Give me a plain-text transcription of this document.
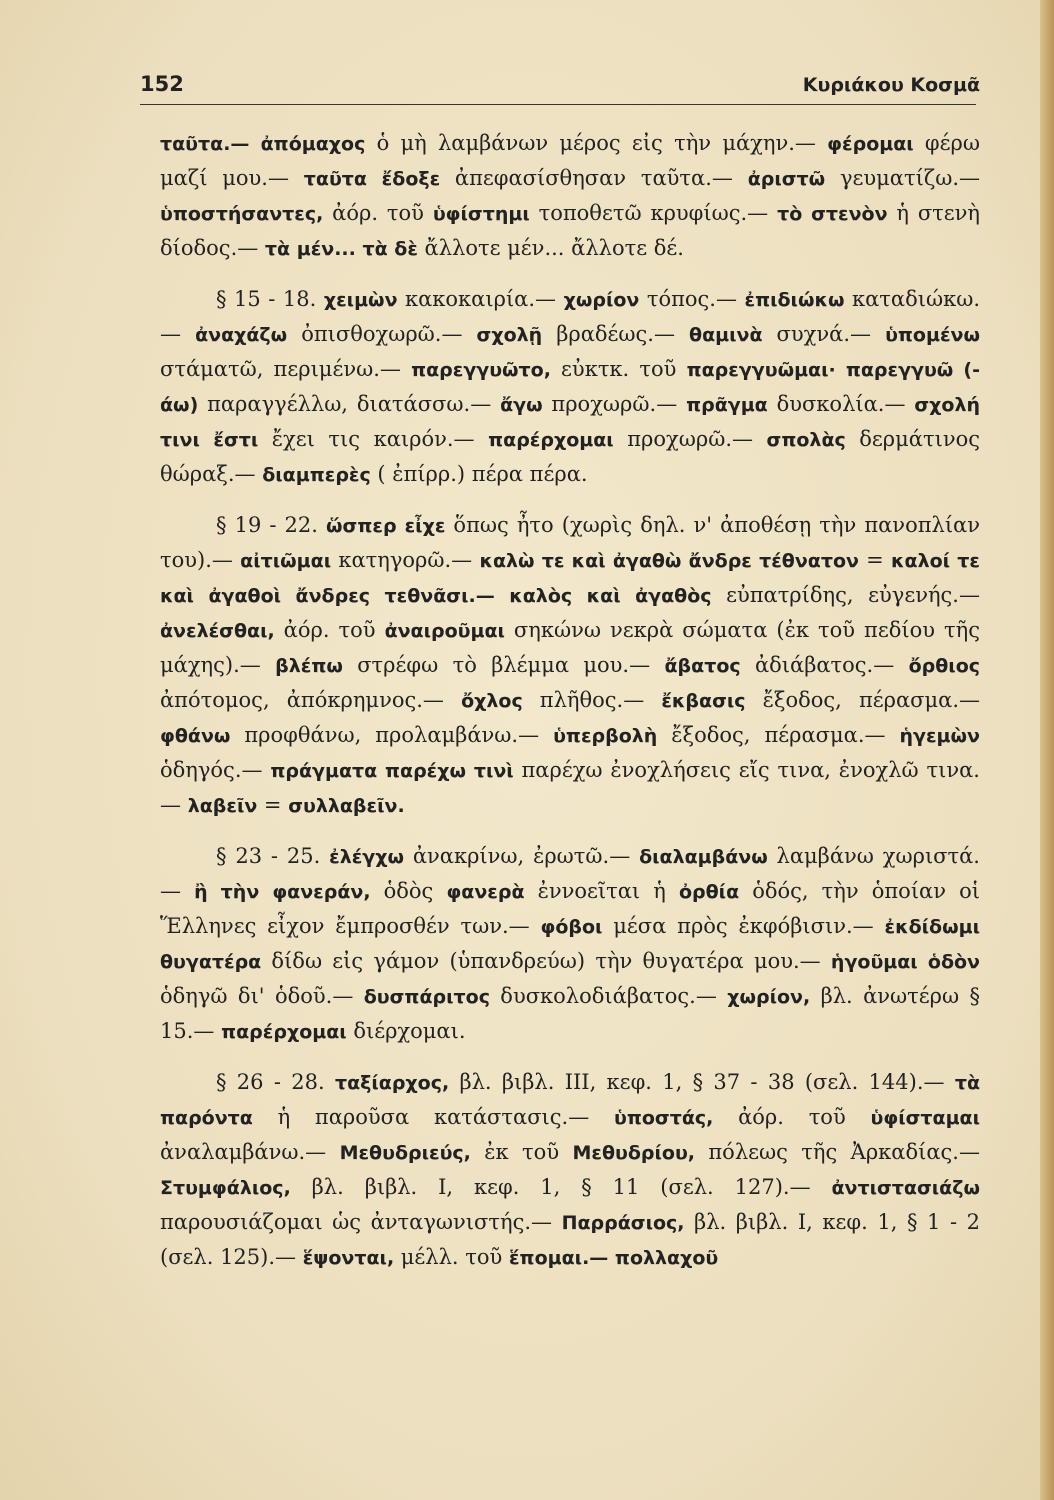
152	Κυριάκου Κοσμᾶ

ταῦτα.— ἀπόμαχος ὁ μὴ λαμβάνων μέρος εἰς τὴν μάχην.— φέρομαι φέρω μαζί μου.— ταῦτα ἔδοξε ἀπεφασίσθησαν ταῦτα.— ἀριστῶ γευματίζω.— ὑποστήσαντες, ἀόρ. τοῦ ὑφίστημι τοποθετῶ κρυφίως.— τὸ στενὸν ἡ στενὴ δίοδος.— τὰ μέν... τὰ δὲ ἄλλοτε μέν... ἄλλοτε δέ.

§ 15 - 18. χειμὼν κακοκαιρία.— χωρίον τόπος.— ἐπιδιώκω καταδιώκω.— ἀναχάζω ὀπισθοχωρῶ.— σχολῇ βραδέως.— θαμινὰ συχνά.— ὑπομένω στάματῶ, περιμένω.— παρεγγυῶτο, εὐκτκ. τοῦ παρεγγυῶμαι· παρεγγυῶ (-άω) παραγγέλλω, διατάσσω.— ἄγω προχωρῶ.— πρᾶγμα δυσκολία.— σχολή τινι ἔστι ἔχει τις καιρόν.— παρέρχομαι προχωρῶ.— σπολὰς δερμάτινος θώραξ.— διαμπερὲς ( ἐπίρρ.) πέρα πέρα.

§ 19 - 22. ὥσπερ εἶχε ὅπως ἦτο (χωρὶς δηλ. ν' ἀποθέσῃ τὴν πανοπλίαν του).— αἰτιῶμαι κατηγορῶ.— καλὼ τε καὶ ἀγαθὼ ἄνδρε τέθνατον = καλοί τε καὶ ἀγαθοὶ ἄνδρες τεθνᾶσι.— καλὸς καὶ ἀγαθὸς εὐπατρίδης, εὐγενής.— ἀνελέσθαι, ἀόρ. τοῦ ἀναιροῦμαι σηκώνω νεκρὰ σώματα (ἐκ τοῦ πεδίου τῆς μάχης).— βλέπω στρέφω τὸ βλέμμα μου.— ἄβατος ἀδιάβατος.— ὄρθιος ἀπότομος, ἀπόκρημνος.— ὄχλος πλῆθος.— ἔκβασις ἔξοδος, πέρασμα.— φθάνω προφθάνω, προλαμβάνω.— ὑπερβολὴ ἔξοδος, πέρασμα.— ἡγεμὼν ὁδηγός.— πράγματα παρέχω τινὶ παρέχω ἐνοχλήσεις εἴς τινα, ἐνοχλῶ τινα.— λαβεῖν = συλλαβεῖν.

§ 23 - 25. ἐλέγχω ἀνακρίνω, ἐρωτῶ.— διαλαμβάνω λαμβάνω χωριστά.— ἢ τὴν φανεράν, ὁδὸς φανερὰ ἐννοεῖται ἡ ὀρθία ὁδός, τὴν ὁποίαν οἱ Ἕλληνες εἶχον ἔμπροσθέν των.— φόβοι μέσα πρὸς ἐκφόβισιν.— ἐκδίδωμι θυγατέρα δίδω εἰς γάμον (ὑπανδρεύω) τὴν θυγατέρα μου.— ἡγοῦμαι ὁδὸν ὁδηγῶ δι' ὁδοῦ.— δυσπάριτος δυσκολοδιάβατος.— χωρίον, βλ. ἀνωτέρω § 15.— παρέρχομαι διέρχομαι.

§ 26 - 28. ταξίαρχος, βλ. βιβλ. III, κεφ. 1, § 37 - 38 (σελ. 144).— τὰ παρόντα ἡ παροῦσα κατάστασις.— ὑποστάς, ἀόρ. τοῦ ὑφίσταμαι ἀναλαμβάνω.— Μεθυδριεύς, ἐκ τοῦ Μεθυδρίου, πόλεως τῆς Ἀρκαδίας.— Στυμφάλιος, βλ. βιβλ. I, κεφ. 1, § 11 (σελ. 127).— ἀντιστασιάζω παρουσιάζομαι ὡς ἀνταγωνιστής.— Παρράσιος, βλ. βιβλ. I, κεφ. 1, § 1 - 2 (σελ. 125).— ἕψονται, μέλλ. τοῦ ἕπομαι.— πολλαχοῦ
